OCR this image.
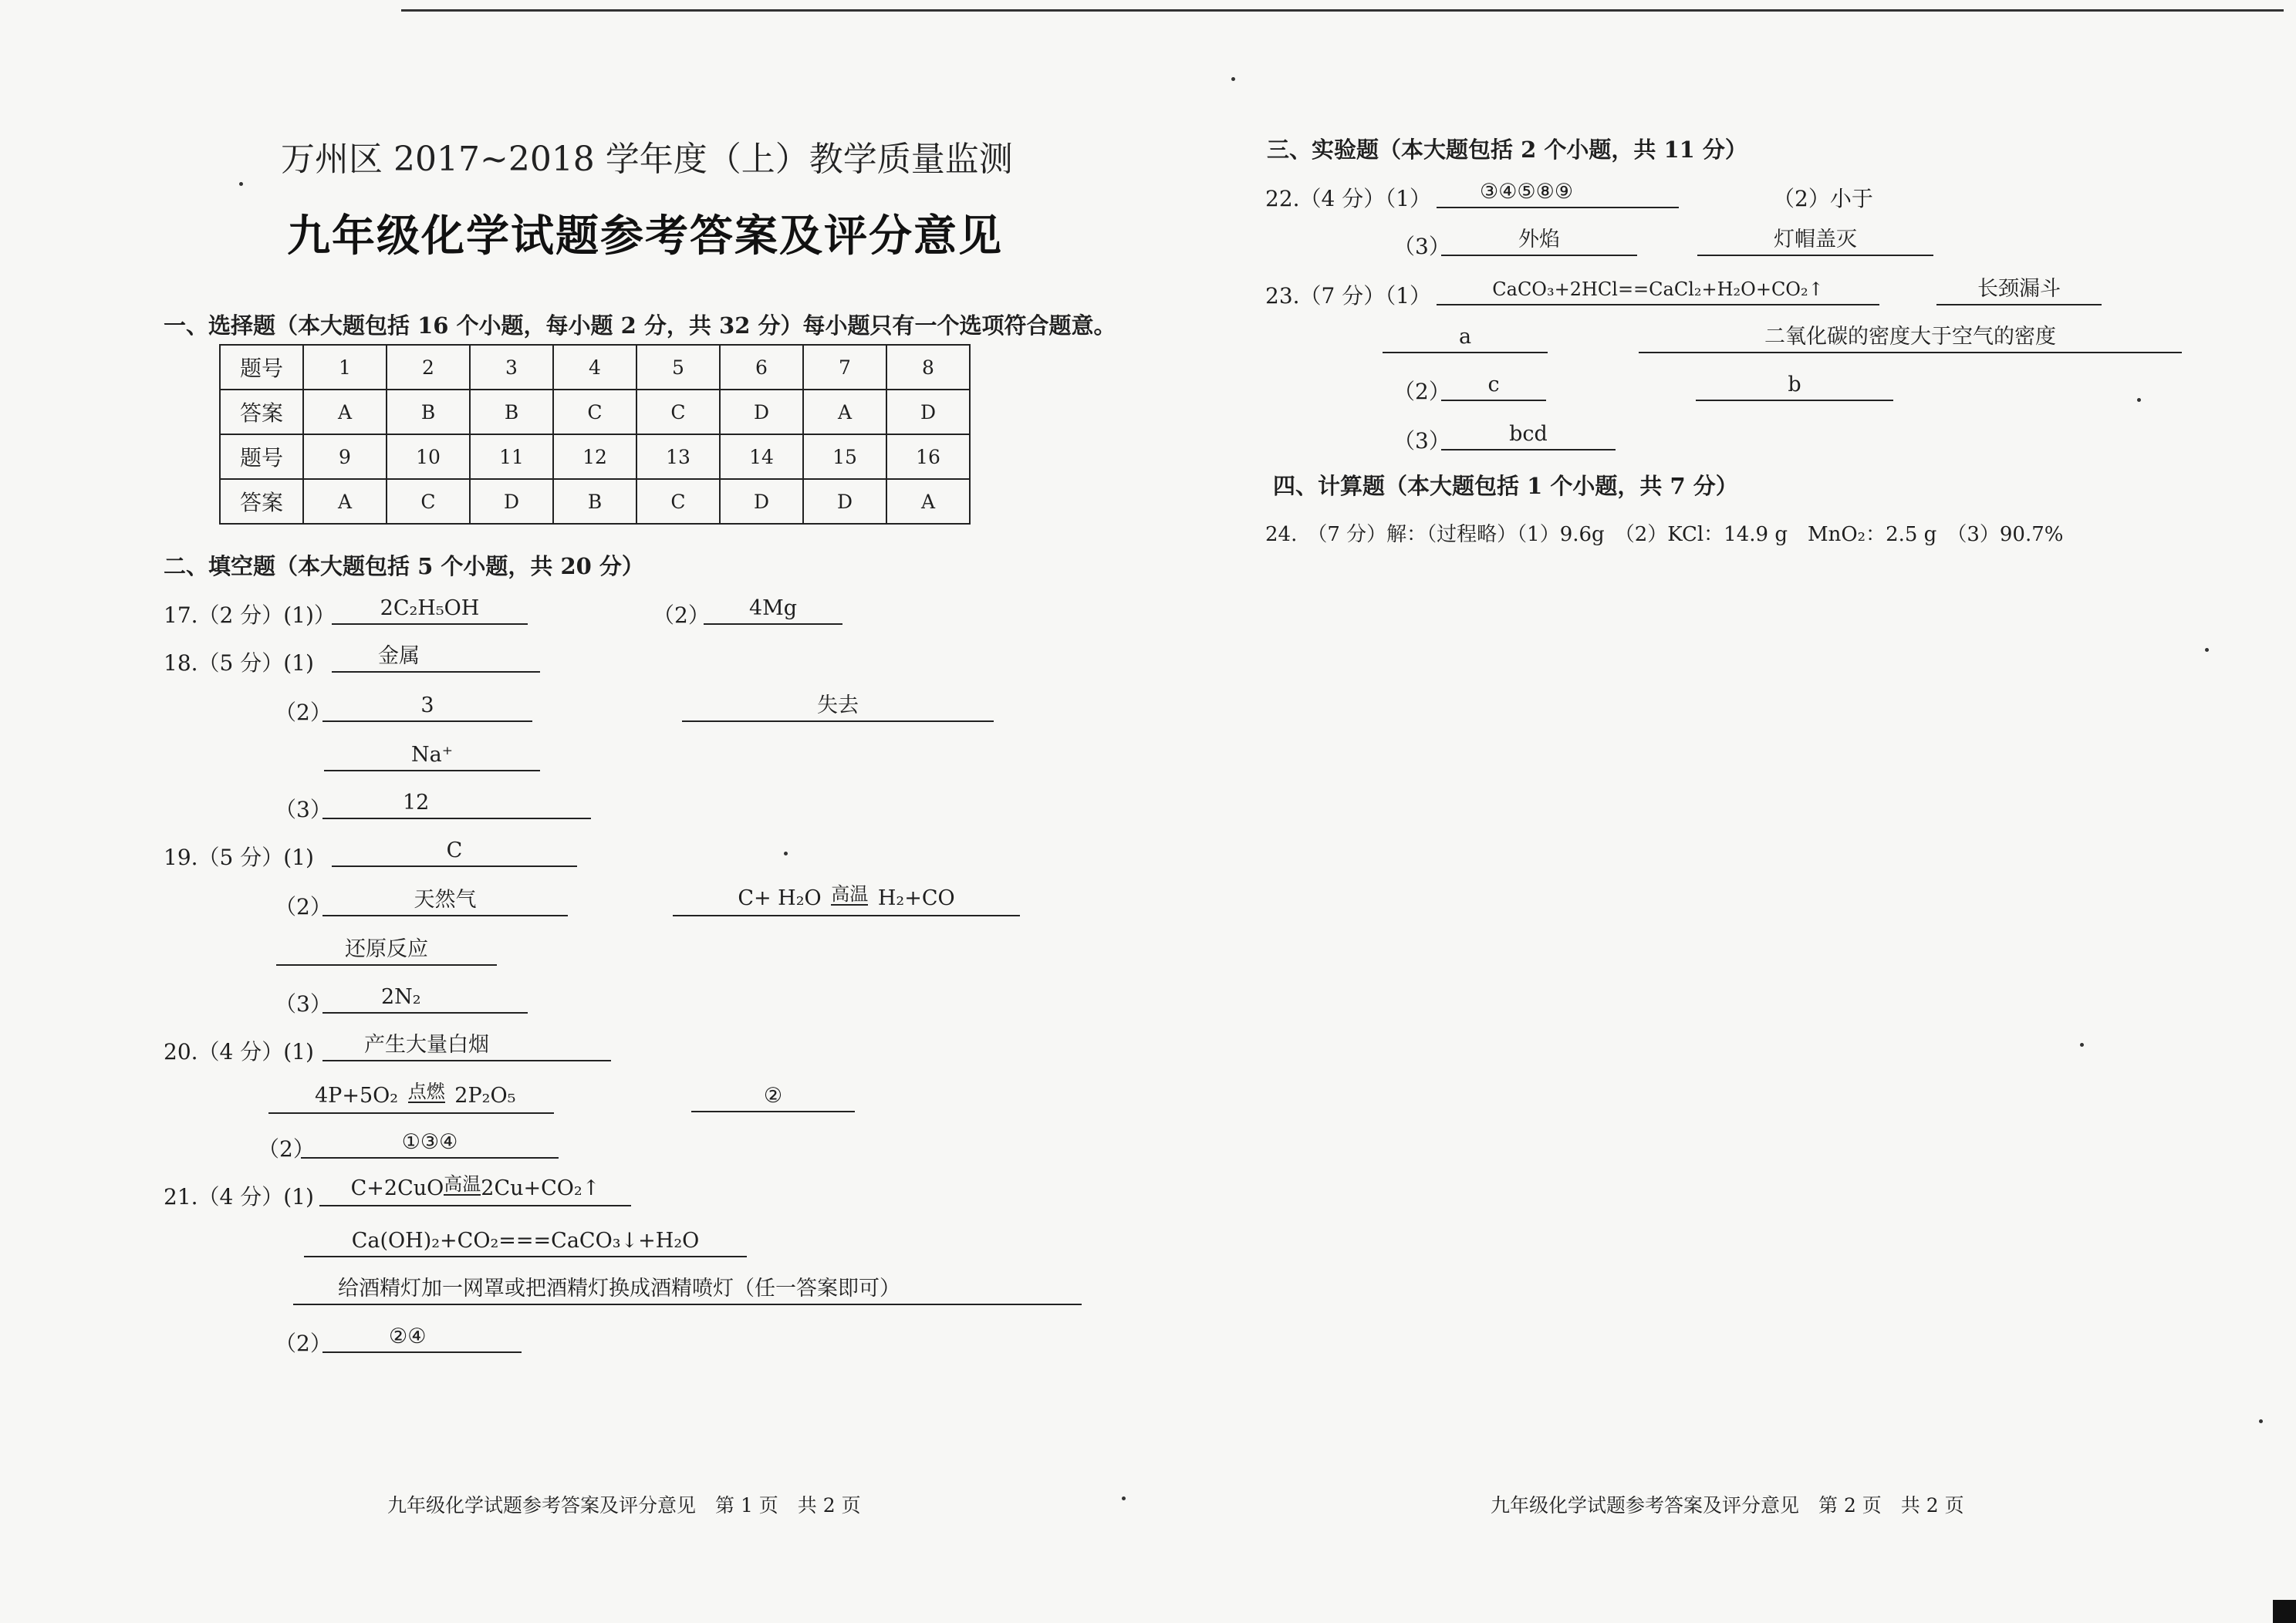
万州区 2017~2018 学年度（上）教学质量监测
九年级化学试题参考答案及评分意见
一、选择题（本大题包括 16 个小题，每小题 2 分，共 32 分）每小题只有一个选项符合题意。
题号	1	2	3	4	5	6	7	8
答案	A	B	B	C	C	D	A	D
题号	9	10	11	12	13	14	15	16
答案	A	C	D	B	C	D	D	A
二、填空题（本大题包括 5 个小题，共 20 分）
17.（2 分）(1)）	2C₂H₅OH	（2）	4Mg
18.（5 分）(1)	金属
（2）	3	失去
Na⁺
（3）	12
19.（5 分）(1)	C
（2）	天然气	C+ H₂O 高温 H₂+CO
还原反应
（3）	2N₂
20.（4 分）(1)	产生大量白烟
4P+5O₂ 点燃 2P₂O₅	②
（2）	①③④
21.（4 分）(1)	C+2CuO 高温 2Cu+CO₂↑
Ca(OH)₂+CO₂===CaCO₃↓+H₂O
给酒精灯加一网罩或把酒精灯换成酒精喷灯（任一答案即可）
（2）	②④
九年级化学试题参考答案及评分意见　第 1 页　共 2 页
三、实验题（本大题包括 2 个小题，共 11 分）
22.（4 分）（1）	③④⑤⑧⑨	（2）小于
（3）	外焰	灯帽盖灭
23.（7 分）（1）	CaCO₃+2HCl==CaCl₂+H₂O+CO₂↑	长颈漏斗
a	二氧化碳的密度大于空气的密度
（2）	c	b
（3）	bcd
四、计算题（本大题包括 1 个小题，共 7 分）
24.　（7 分）解：（过程略）（1）9.6g　（2）KCl：14.9 g　MnO₂：2.5 g　（3）90.7%
九年级化学试题参考答案及评分意见　第 2 页　共 2 页
